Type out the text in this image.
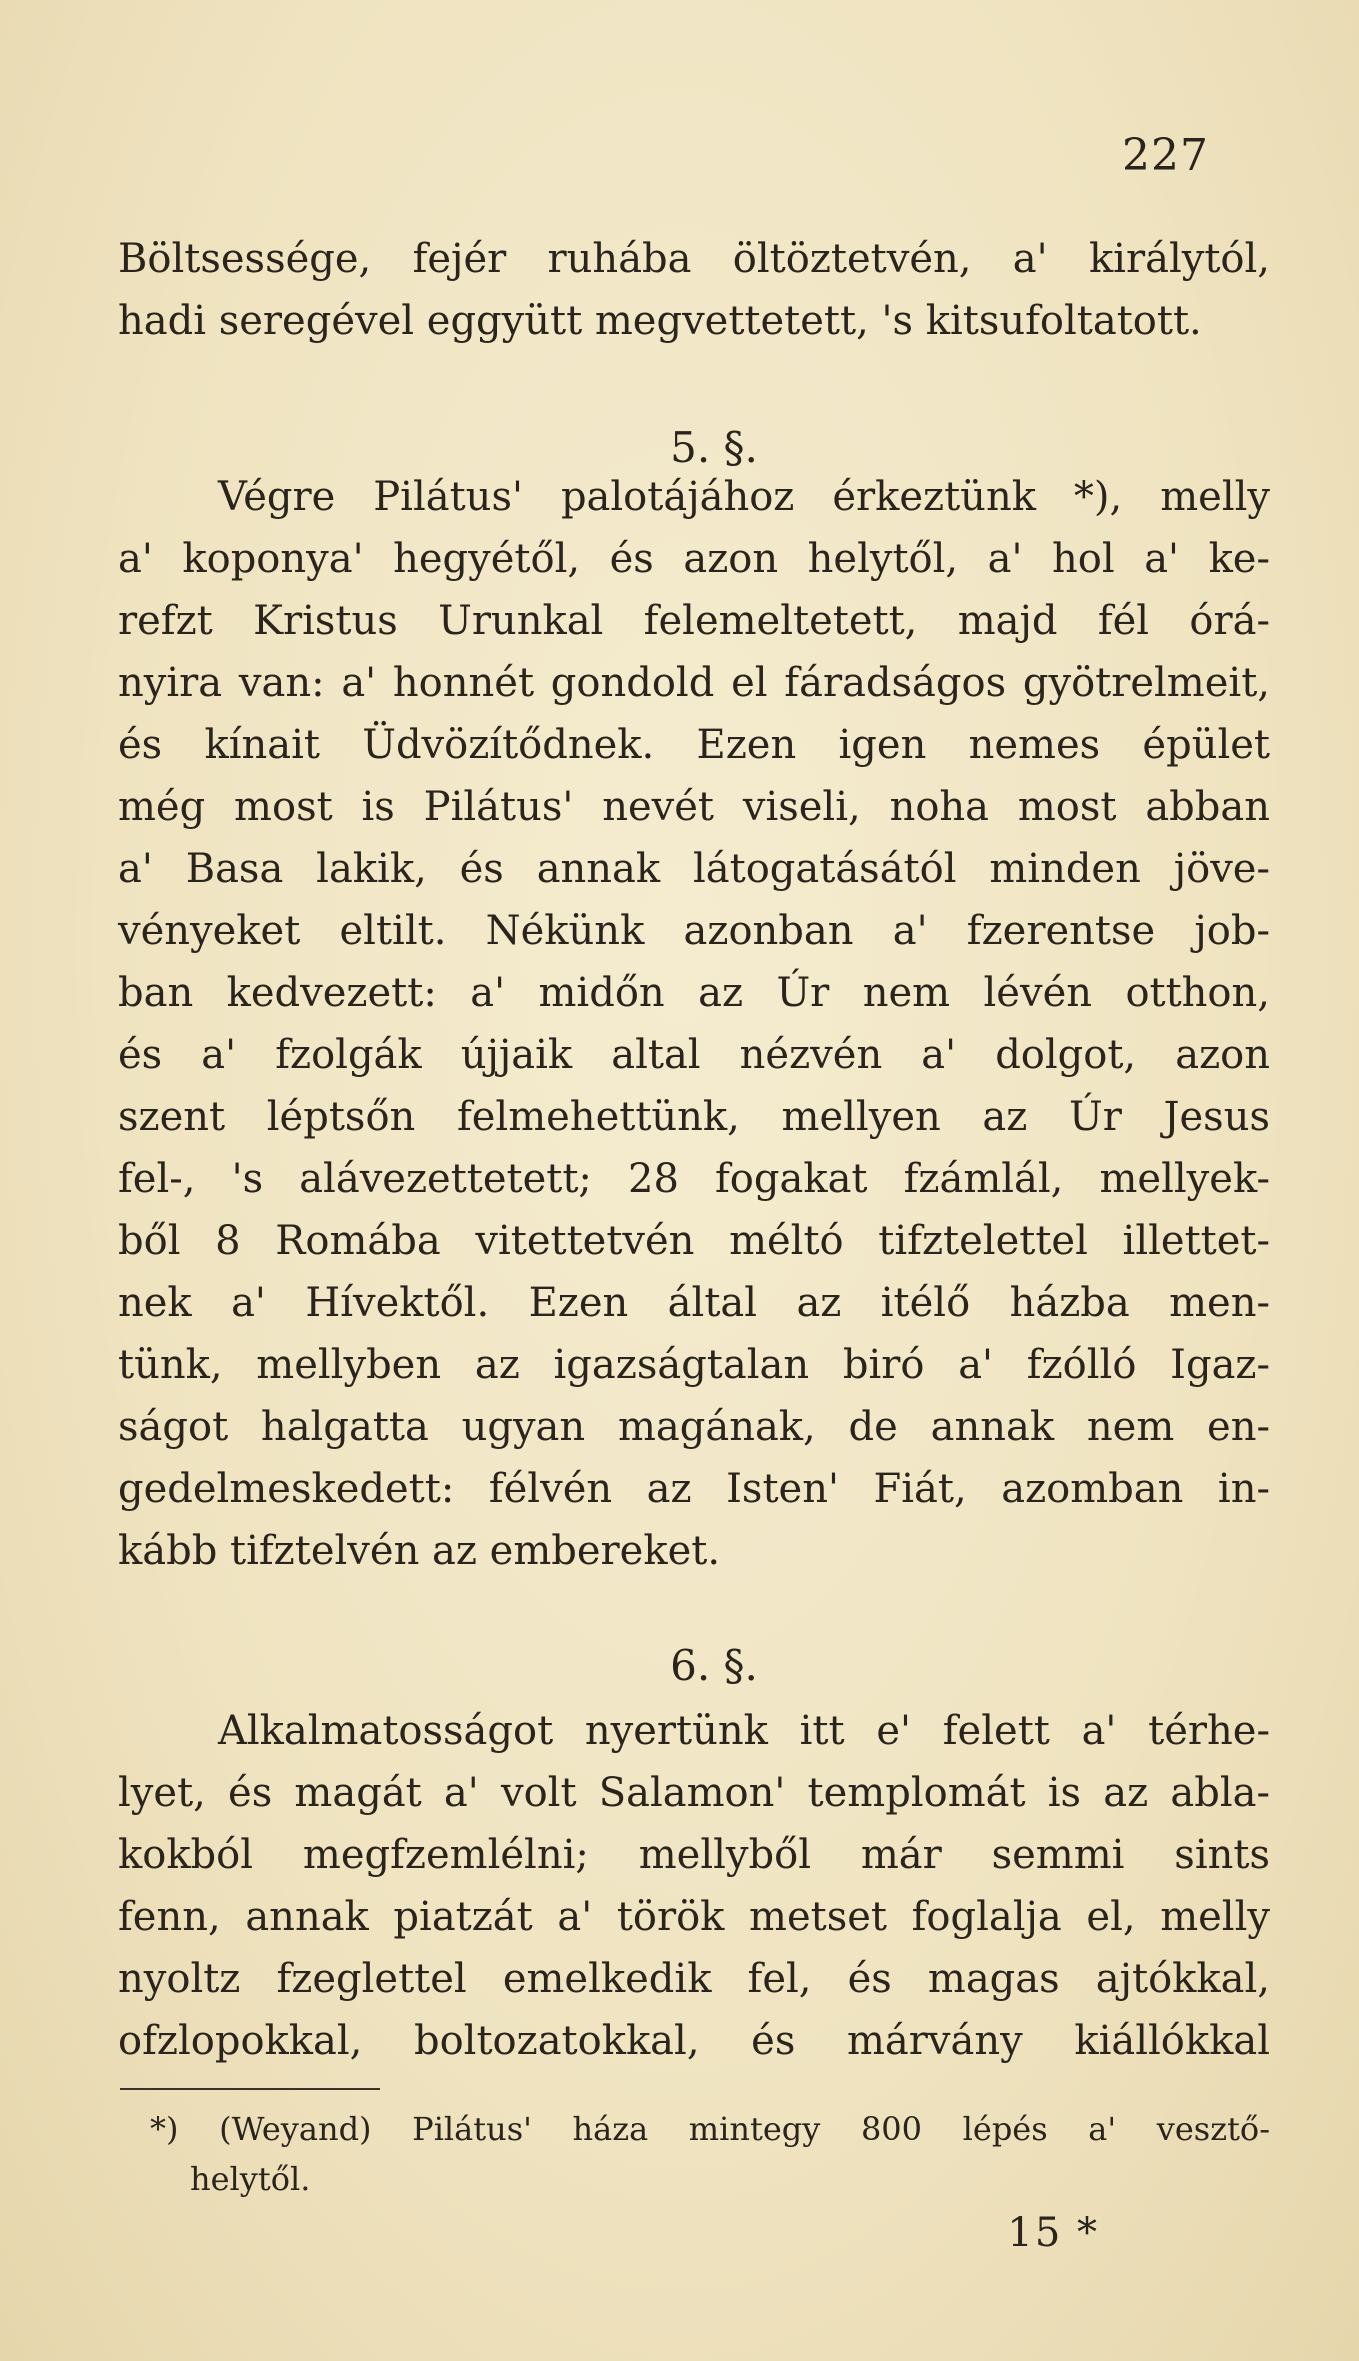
227
Böltsessége, fejér ruhába öltöztetvén, a' királytól,
hadi seregével eggyütt megvettetett, 's kitsufoltatott.
5. §.
Végre Pilátus' palotájához érkeztünk *), melly
a' koponya' hegyétől, és azon helytől, a' hol a' ke-
refzt Kristus Urunkal felemeltetett, majd fél órá-
nyira van: a' honnét gondold el fáradságos gyötrelmeit,
és kínait Üdvözítődnek. Ezen igen nemes épület
még most is Pilátus' nevét viseli, noha most abban
a' Basa lakik, és annak látogatásától minden jöve-
vényeket eltilt. Nékünk azonban a' fzerentse job-
ban kedvezett: a' midőn az Úr nem lévén otthon,
és a' fzolgák újjaik altal nézvén a' dolgot, azon
szent léptsőn felmehettünk, mellyen az Úr Jesus
fel-, 's alávezettetett; 28 fogakat fzámlál, mellyek-
ből 8 Romába vitettetvén méltó tifztelettel illettet-
nek a' Hívektől. Ezen által az itélő házba men-
tünk, mellyben az igazságtalan biró a' fzólló Igaz-
ságot halgatta ugyan magának, de annak nem en-
gedelmeskedett: félvén az Isten' Fiát, azomban in-
kább tifztelvén az embereket.
6. §.
Alkalmatosságot nyertünk itt e' felett a' térhe-
lyet, és magát a' volt Salamon' templomát is az abla-
kokból megfzemlélni; mellyből már semmi sints
fenn, annak piatzát a' török metset foglalja el, melly
nyoltz fzeglettel emelkedik fel, és magas ajtókkal,
ofzlopokkal, boltozatokkal, és márvány kiállókkal
*) (Weyand) Pilátus' háza mintegy 800 lépés a' vesztő-
helytől.
15 *
